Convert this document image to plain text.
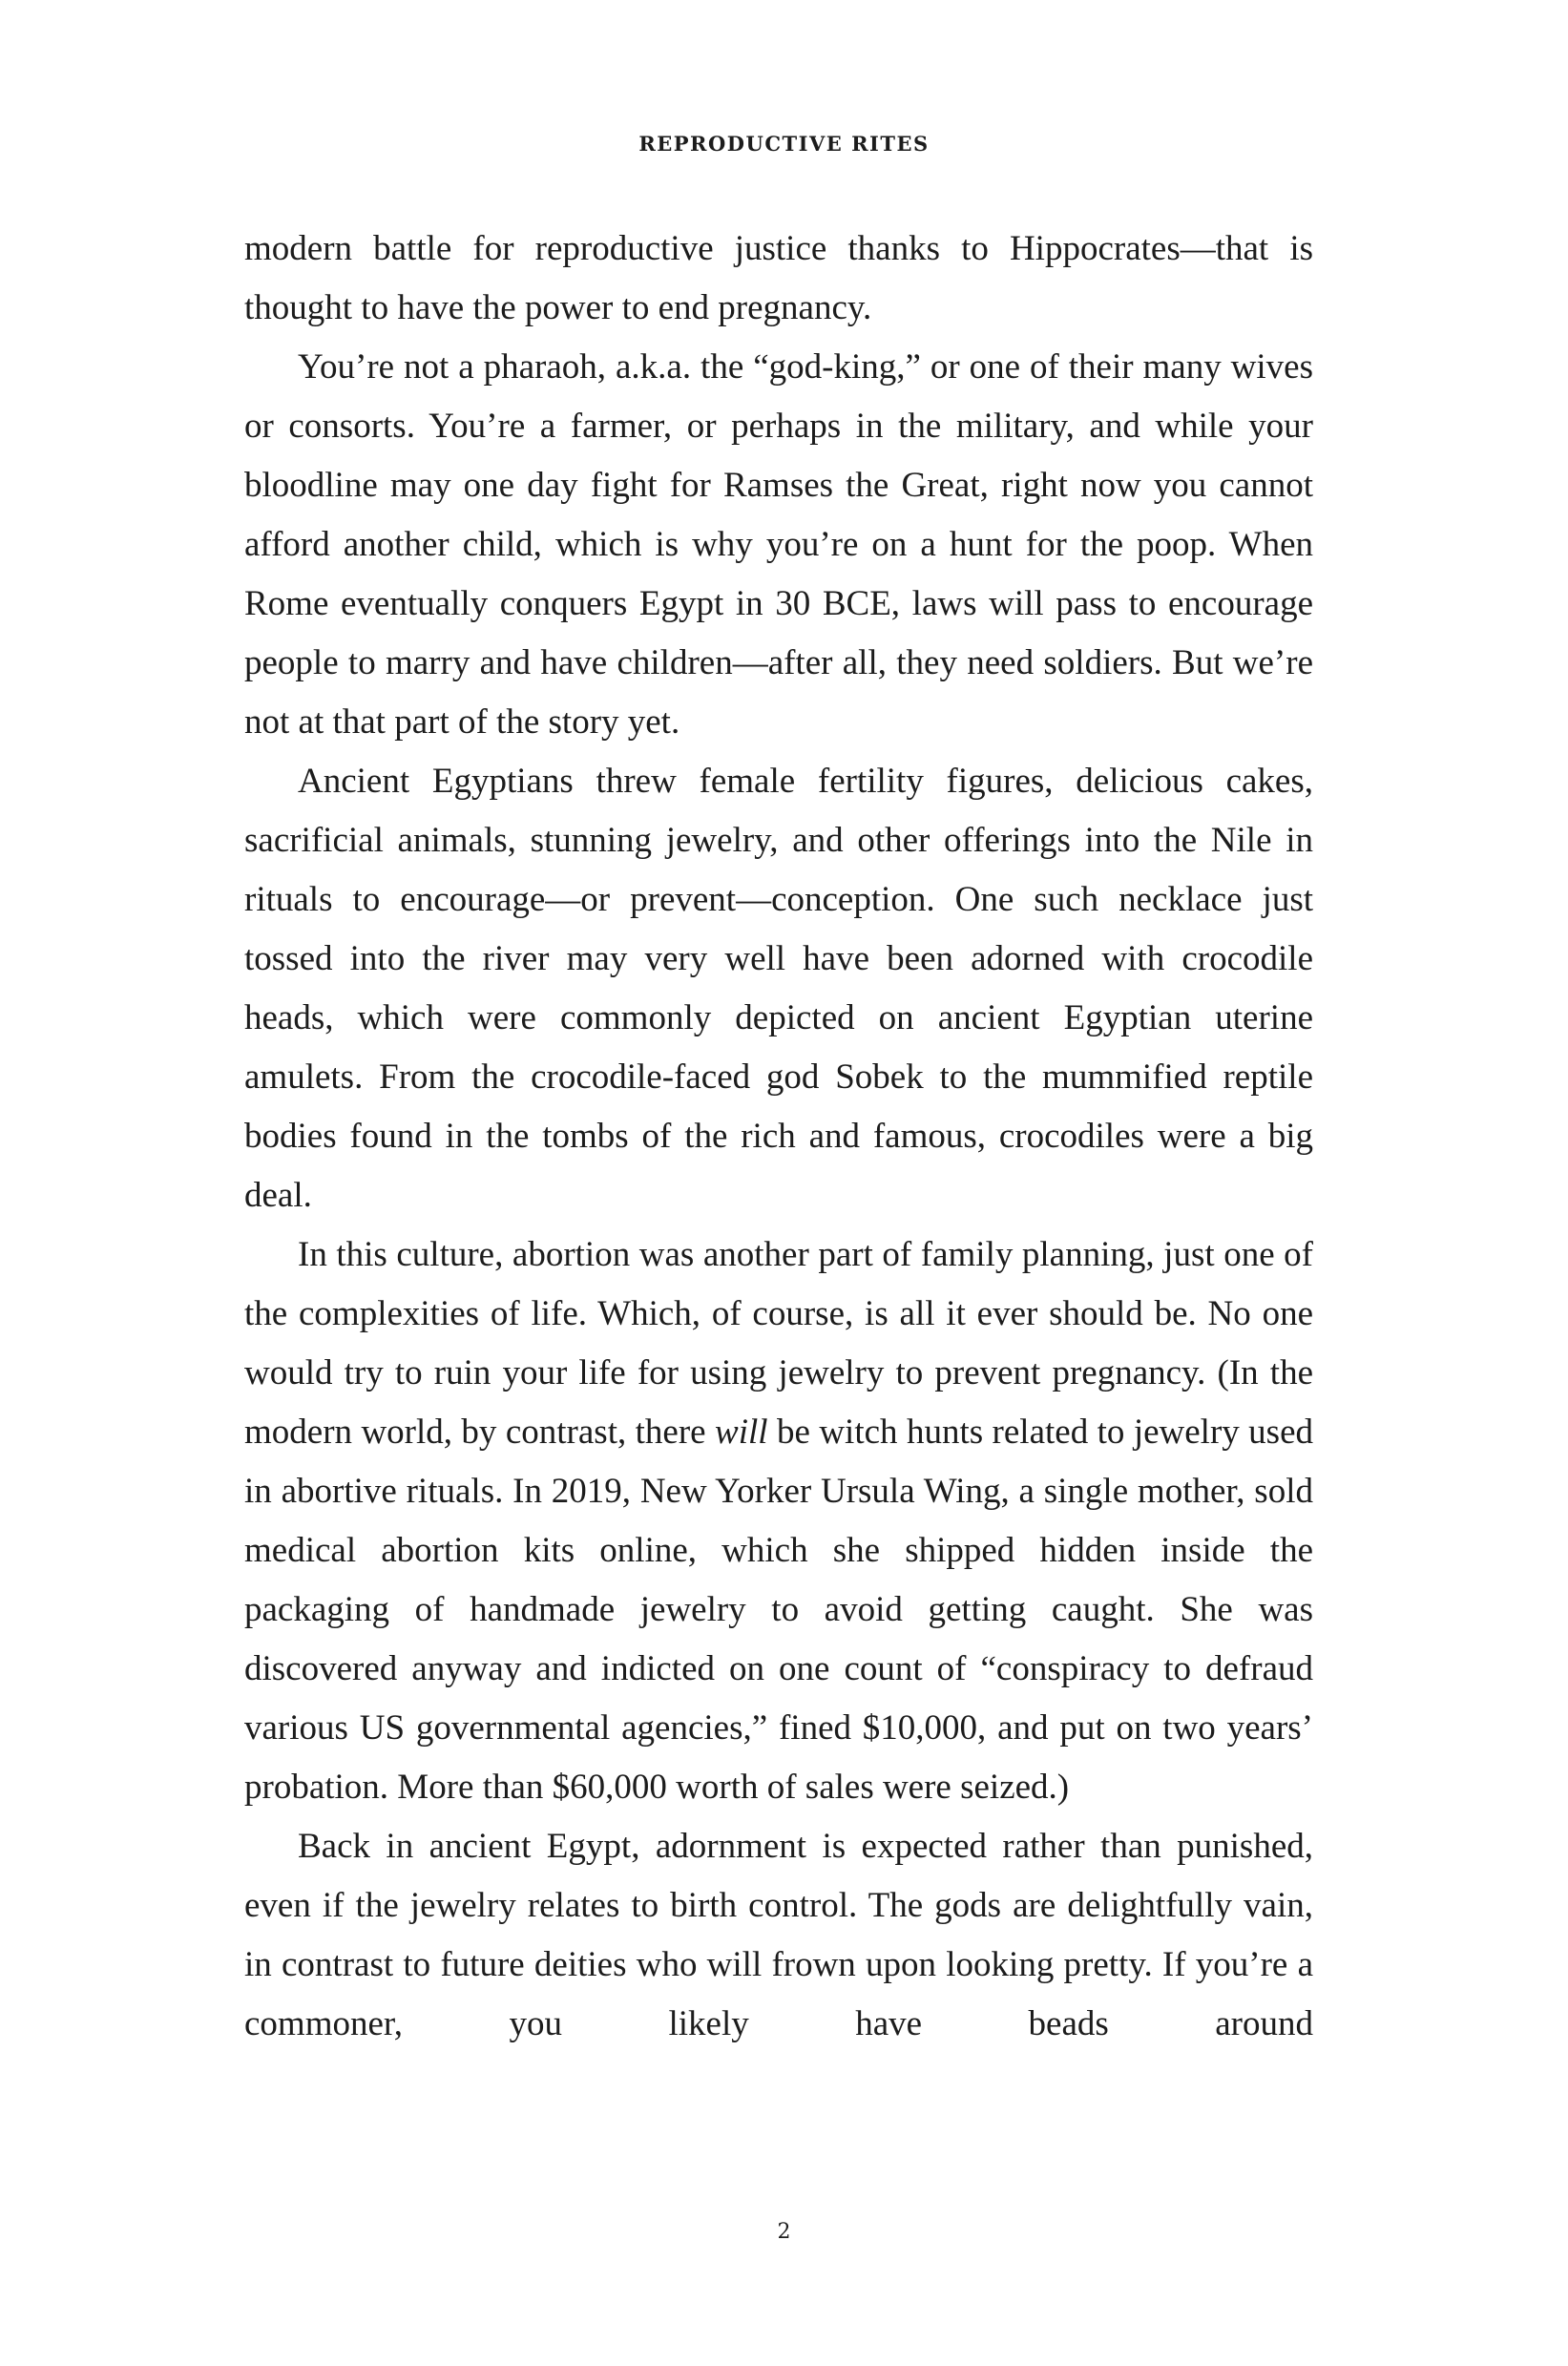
REPRODUCTIVE RITES

modern battle for reproductive justice thanks to Hippocrates—that is thought to have the power to end pregnancy.

You’re not a pharaoh, a.k.a. the “god-king,” or one of their many wives or consorts. You’re a farmer, or perhaps in the military, and while your bloodline may one day fight for Ramses the Great, right now you cannot afford another child, which is why you’re on a hunt for the poop. When Rome eventually conquers Egypt in 30 BCE, laws will pass to encourage people to marry and have children—after all, they need soldiers. But we’re not at that part of the story yet.

Ancient Egyptians threw female fertility figures, delicious cakes, sacrificial animals, stunning jewelry, and other offerings into the Nile in rituals to encourage—or prevent—conception. One such necklace just tossed into the river may very well have been adorned with crocodile heads, which were commonly depicted on ancient Egyptian uterine amulets. From the crocodile-faced god Sobek to the mummified reptile bodies found in the tombs of the rich and famous, crocodiles were a big deal.

In this culture, abortion was another part of family planning, just one of the complexities of life. Which, of course, is all it ever should be. No one would try to ruin your life for using jewelry to prevent pregnancy. (In the modern world, by contrast, there will be witch hunts related to jewelry used in abortive rituals. In 2019, New Yorker Ursula Wing, a single mother, sold medical abortion kits online, which she shipped hidden inside the packaging of handmade jewelry to avoid getting caught. She was discovered anyway and indicted on one count of “conspiracy to defraud various US governmental agencies,” fined $10,000, and put on two years’ probation. More than $60,000 worth of sales were seized.)

Back in ancient Egypt, adornment is expected rather than punished, even if the jewelry relates to birth control. The gods are delightfully vain, in contrast to future deities who will frown upon looking pretty. If you’re a commoner, you likely have beads around

2
